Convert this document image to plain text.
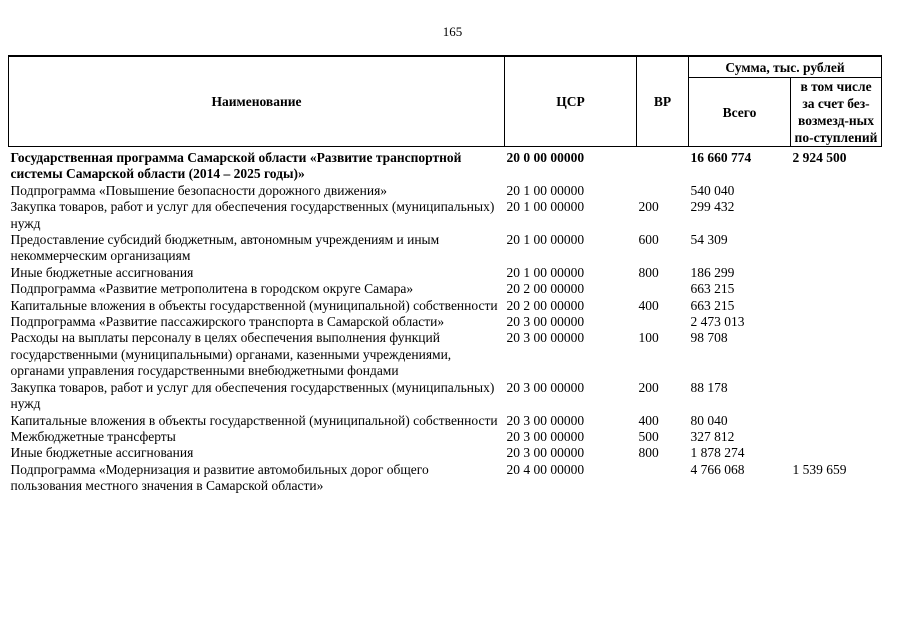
165
Наименование	ЦСР	ВР	Сумма, тыс. рублей	
			Всего	в том числе за счет без-возмезд-ных по-ступлений
Государственная программа Самарской области «Развитие транспортной системы Самарской области (2014 – 2025 годы)»	20 0 00 00000		16 660 774	2 924 500
Подпрограмма «Повышение безопасности дорожного движения»	20 1 00 00000		540 040	
Закупка товаров, работ и услуг для обеспечения государственных (муниципальных) нужд	20 1 00 00000	200	299 432	
Предоставление субсидий бюджетным, автономным учреждениям и иным некоммерческим организациям	20 1 00 00000	600	54 309	
Иные бюджетные ассигнования	20 1 00 00000	800	186 299	
Подпрограмма «Развитие метрополитена в городском округе Самара»	20 2 00 00000		663 215	
Капитальные вложения в объекты государственной (муниципальной) собственности	20 2 00 00000	400	663 215	
Подпрограмма «Развитие пассажирского транспорта в Самарской области»	20 3 00 00000		2 473 013	
Расходы на выплаты персоналу в целях обеспечения выполнения функций государственными (муниципальными) органами, казенными учреждениями, органами управления государственными внебюджетными фондами	20 3 00 00000	100	98 708	
Закупка товаров, работ и услуг для обеспечения государственных (муниципальных) нужд	20 3 00 00000	200	88 178	
Капитальные вложения в объекты государственной (муниципальной) собственности	20 3 00 00000	400	80 040	
Межбюджетные трансферты	20 3 00 00000	500	327 812	
Иные бюджетные ассигнования	20 3 00 00000	800	1 878 274	
Подпрограмма «Модернизация и развитие автомобильных дорог общего пользования местного значения в Самарской области»	20 4 00 00000		4 766 068	1 539 659
